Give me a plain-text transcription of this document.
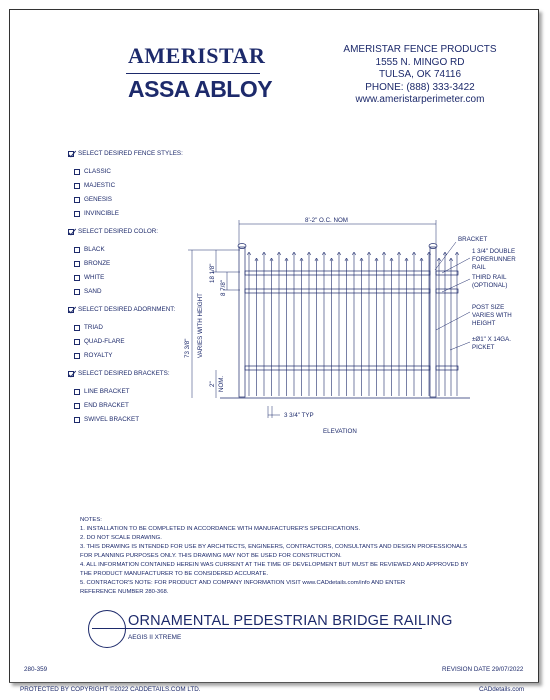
AMERISTAR
ASSA ABLOY
AMERISTAR FENCE PRODUCTS
1555 N. MINGO RD
TULSA, OK 74116
PHONE: (888) 333-3422
www.ameristarperimeter.com
SELECT DESIRED FENCE STYLES:
CLASSIC
MAJESTIC
GENESIS
INVINCIBLE
SELECT DESIRED COLOR:
BLACK
BRONZE
WHITE
SAND
SELECT DESIRED ADORNMENT:
TRIAD
QUAD-FLARE
ROYALTY
SELECT DESIRED BRACKETS:
LINE BRACKET
END BRACKET
SWIVEL BRACKET
8'-2" O.C. NOM
73 3/8" VARIES WITH HEIGHT
18 1/8"
8 7/8"
2" NOM.
3 3/4" TYP
ELEVATION
BRACKET
1 3/4" DOUBLE
FORERUNNER
RAIL
THIRD RAIL
(OPTIONAL)
POST SIZE
VARIES WITH
HEIGHT
±Ø1" X 14GA.
PICKET
NOTES:
1. INSTALLATION TO BE COMPLETED IN ACCORDANCE WITH MANUFACTURER'S SPECIFICATIONS.
2. DO NOT SCALE DRAWING.
3. THIS DRAWING IS INTENDED FOR USE BY ARCHITECTS, ENGINEERS, CONTRACTORS, CONSULTANTS AND DESIGN PROFESSIONALS
FOR PLANNING PURPOSES ONLY. THIS DRAWING MAY NOT BE USED FOR CONSTRUCTION.
4. ALL INFORMATION CONTAINED HEREIN WAS CURRENT AT THE TIME OF DEVELOPMENT BUT MUST BE REVIEWED AND APPROVED BY
THE PRODUCT MANUFACTURER TO BE CONSIDERED ACCURATE.
5. CONTRACTOR'S NOTE: FOR PRODUCT AND COMPANY INFORMATION VISIT www.CADdetails.com/info AND ENTER
REFERENCE NUMBER 280-368.
ORNAMENTAL PEDESTRIAN BRIDGE RAILING
AEGIS II XTREME
280-359	REVISION DATE 29/07/2022
PROTECTED BY COPYRIGHT ©2022 CADDETAILS.COM LTD.	CADdetails.com
